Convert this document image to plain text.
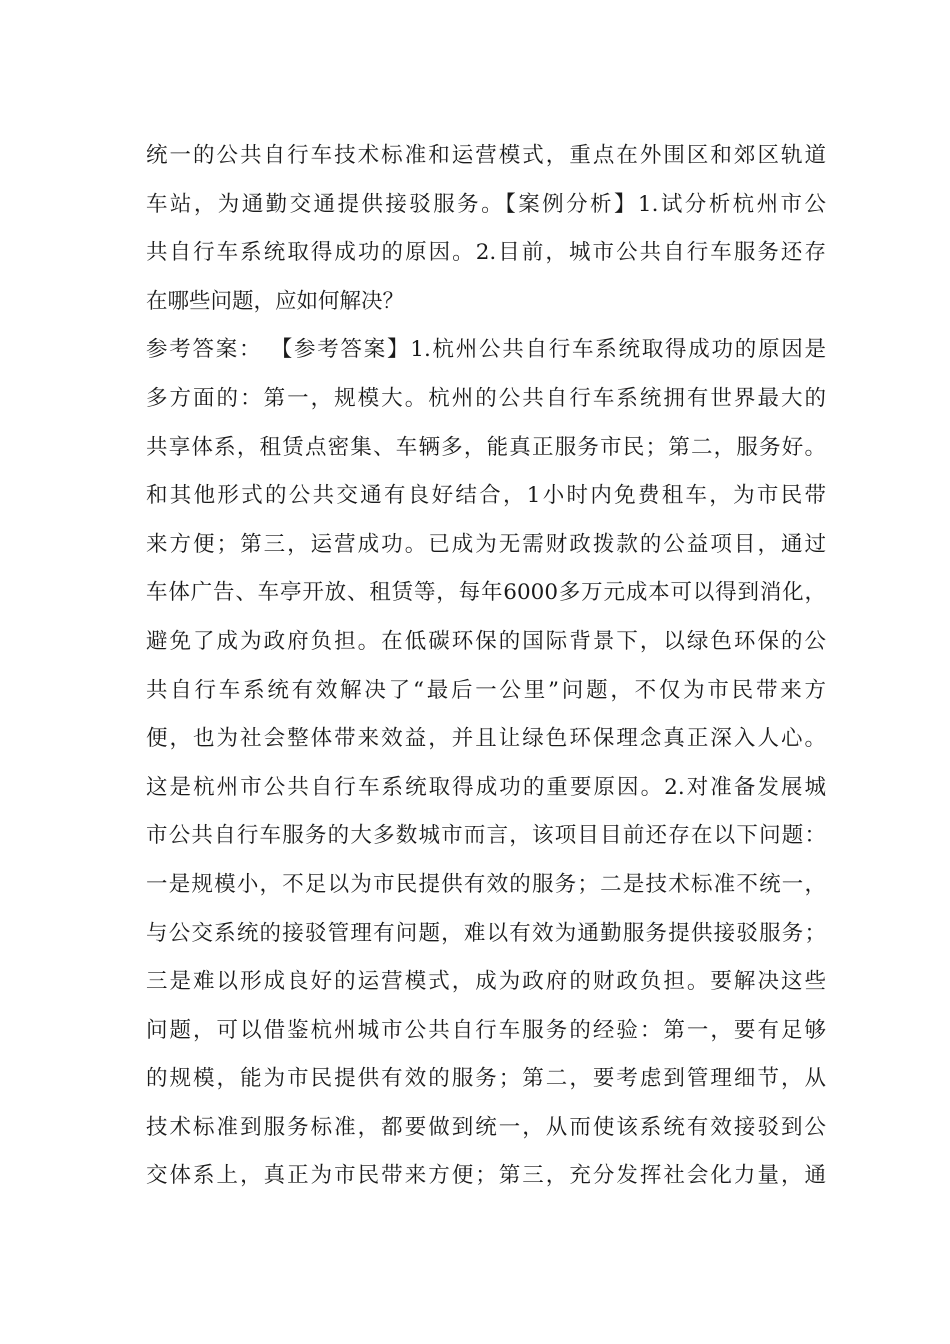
统一的公共自行车技术标准和运营模式，重点在外围区和郊区轨道
车站，为通勤交通提供接驳服务。【案例分析】1.试分析杭州市公
共自行车系统取得成功的原因。2.目前，城市公共自行车服务还存
在哪些问题，应如何解决？
参考答案： 【参考答案】1.杭州公共自行车系统取得成功的原因是
多方面的：第一，规模大。杭州的公共自行车系统拥有世界最大的
共享体系，租赁点密集、车辆多，能真正服务市民；第二，服务好。
和其他形式的公共交通有良好结合，1小时内免费租车，为市民带
来方便；第三，运营成功。已成为无需财政拨款的公益项目，通过
车体广告、车亭开放、租赁等，每年6000多万元成本可以得到消化，
避免了成为政府负担。在低碳环保的国际背景下，以绿色环保的公
共自行车系统有效解决了“最后一公里”问题，不仅为市民带来方
便，也为社会整体带来效益，并且让绿色环保理念真正深入人心。
这是杭州市公共自行车系统取得成功的重要原因。2.对准备发展城
市公共自行车服务的大多数城市而言，该项目目前还存在以下问题：
一是规模小，不足以为市民提供有效的服务；二是技术标准不统一，
与公交系统的接驳管理有问题，难以有效为通勤服务提供接驳服务；
三是难以形成良好的运营模式，成为政府的财政负担。要解决这些
问题，可以借鉴杭州城市公共自行车服务的经验：第一，要有足够
的规模，能为市民提供有效的服务；第二，要考虑到管理细节，从
技术标准到服务标准，都要做到统一，从而使该系统有效接驳到公
交体系上，真正为市民带来方便；第三，充分发挥社会化力量，通
